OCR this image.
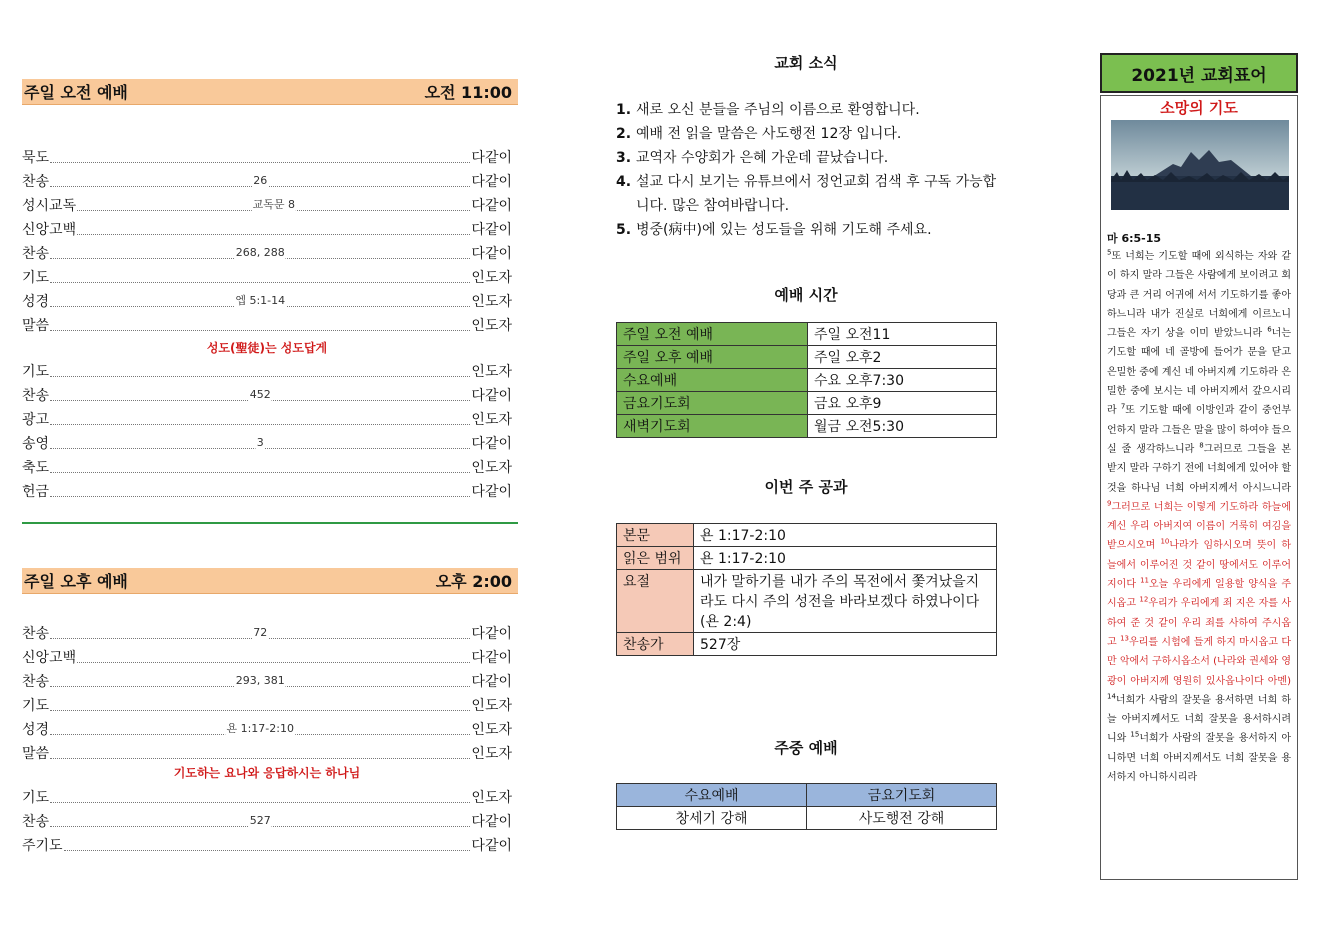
주일 오전 예배	오전 11:00
묵도	다같이
찬송	26	다같이
성시교독	교독문 8	다같이
신앙고백	다같이
찬송	268, 288	다같이
기도	인도자
성경	엡 5:1-14	인도자
말씀	인도자
기도	인도자
찬송	452	다같이
광고	인도자
송영	3	다같이
축도	인도자
헌금	다같이
성도(聖徒)는 성도답게
주일 오후 예배	오후 2:00
찬송	72	다같이
신앙고백	다같이
찬송	293, 381	다같이
기도	인도자
성경	욘 1:17-2:10	인도자
말씀	인도자
기도	인도자
찬송	527	다같이
주기도	다같이
기도하는 요나와 응답하시는 하나님
교회 소식
1. 새로 오신 분들을 주님의 이름으로 환영합니다.
2. 예배 전 읽을 말씀은 사도행전 12장 입니다.
3. 교역자 수양회가 은혜 가운데 끝났습니다.
4. 설교 다시 보기는 유튜브에서 정언교회 검색 후 구독 가능합니다. 많은 참여바랍니다.
5. 병중(病中)에 있는 성도들을 위해 기도해 주세요.
예배 시간
주일 오전 예배	주일 오전11
주일 오후 예배	주일 오후2
수요예배	수요 오후7:30
금요기도회	금요 오후9
새벽기도회	월금 오전5:30
이번 주 공과
본문	욘 1:17-2:10
읽은 범위	욘 1:17-2:10
요절	내가 말하기를 내가 주의 목전에서 쫓겨났을지라도 다시 주의 성전을 바라보겠다 하였나이다 (욘 2:4)
찬송가	527장
주중 예배
수요예배	금요기도회
창세기 강해	사도행전 강해
2021년 교회표어
소망의 기도
마 6:5-15
$^5$또 너희는 기도할 때에 외식하는 자와 같이 하지 말라 그들은 사람에게 보이려고 회당과 큰 거리 어귀에 서서 기도하기를 좋아하느니라 내가 진실로 너희에게 이르노니 그들은 자기 상을 이미 받았느니라 $^6$너는 기도할 때에 네 골방에 들어가 문을 닫고 은밀한 중에 계신 네 아버지께 기도하라 은밀한 중에 보시는 네 아버지께서 갚으시리라 $^7$또 기도할 때에 이방인과 같이 중언부언하지 말라 그들은 말을 많이 하여야 들으실 줄 생각하느니라 $^8$그러므로 그들을 본받지 말라 구하기 전에 너희에게 있어야 할 것을 하나님 너희 아버지께서 아시느니라 $^9$그러므로 너희는 이렇게 기도하라 하늘에 계신 우리 아버지여 이름이 거룩히 여김을 받으시오며 $^{10}$나라가 임하시오며 뜻이 하늘에서 이루어진 것 같이 땅에서도 이루어지이다 $^{11}$오늘 우리에게 일용할 양식을 주시옵고 $^{12}$우리가 우리에게 죄 지은 자를 사하여 준 것 같이 우리 죄를 사하여 주시옵고 $^{13}$우리를 시험에 들게 하지 마시옵고 다만 악에서 구하시옵소서 (나라와 권세와 영광이 아버지께 영원히 있사옵나이다 아멘) $^{14}$너희가 사람의 잘못을 용서하면 너희 하늘 아버지께서도 너희 잘못을 용서하시려니와 $^{15}$너희가 사람의 잘못을 용서하지 아니하면 너희 아버지께서도 너희 잘못을 용서하지 아니하시리라
